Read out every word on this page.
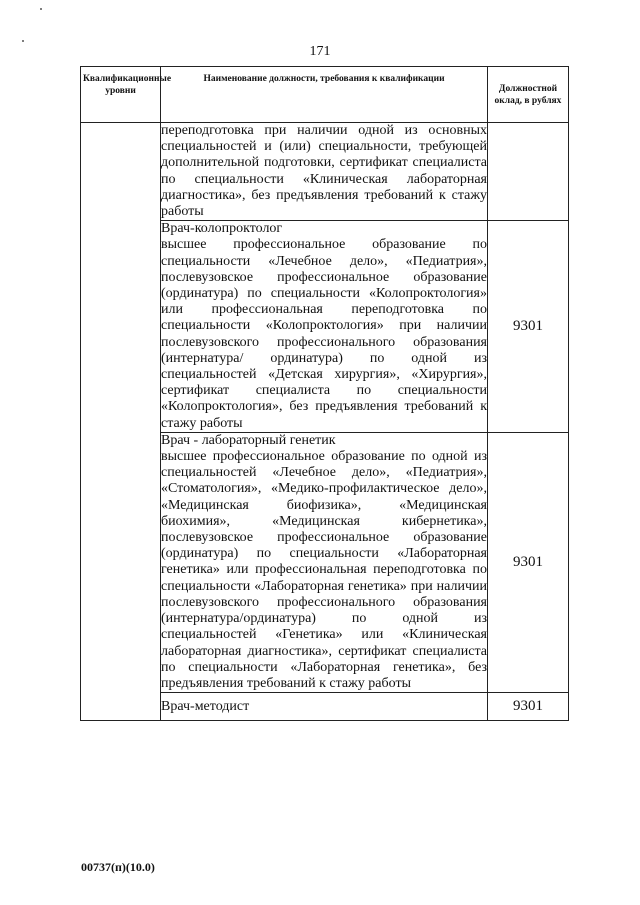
171
Квалификационные уровни	Наименование должности, требования к квалификации	Должностной оклад, в рублях

	переподготовка при наличии одной из основных специальностей и (или) специальности, требующей дополнительной подготовки, сертификат специалиста по специальности «Клиническая лабораторная диагностика», без предъявления требований к стажу работы	

	Врач-колопроктолог
высшее профессиональное образование по специальности «Лечебное дело», «Педиатрия», послевузовское профессиональное образование (ординатура) по специальности «Колопроктология» или профессиональная переподготовка по специальности «Колопроктология» при наличии послевузовского профессионального образования (интернатура/ ординатура) по одной из специальностей «Детская хирургия», «Хирургия», сертификат специалиста по специальности «Колопроктология», без предъявления требований к стажу работы	9301

	Врач - лабораторный генетик
высшее профессиональное образование по одной из специальностей «Лечебное дело», «Педиатрия», «Стоматология», «Медико-профилактическое дело», «Медицинская биофизика», «Медицинская биохимия», «Медицинская кибернетика», послевузовское профессиональное образование (ординатура) по специальности «Лабораторная генетика» или профессиональная переподготовка по специальности «Лабораторная генетика» при наличии послевузовского профессионального образования (интернатура/ординатура) по одной из специальностей «Генетика» или «Клиническая лабораторная диагностика», сертификат специалиста по специальности «Лабораторная генетика», без предъявления требований к стажу работы	9301

	Врач-методист	9301
00737(п)(10.0)
